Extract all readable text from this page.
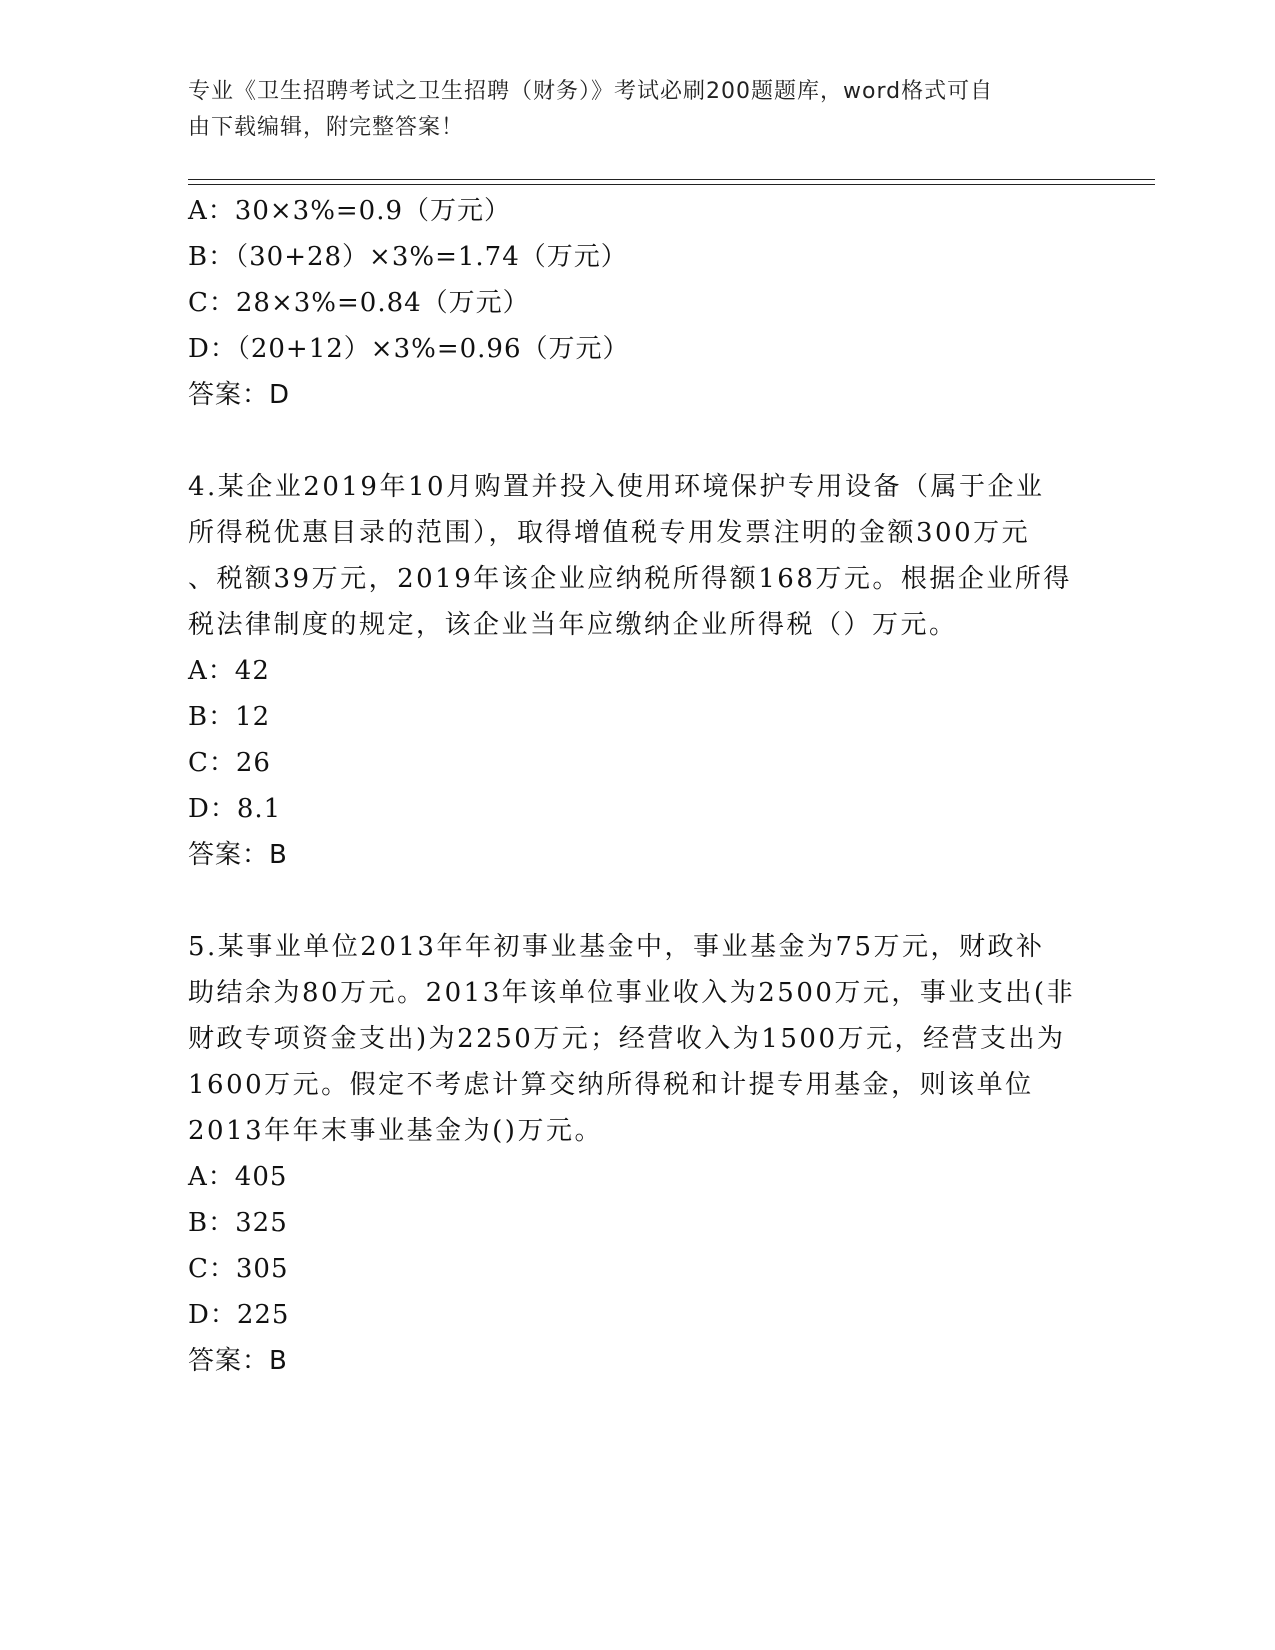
专业《卫生招聘考试之卫生招聘（财务）》考试必刷200题题库，word格式可自
由下载编辑，附完整答案！
A：30×3%=0.9（万元）
B：（30+28）×3%=1.74（万元）
C：28×3%=0.84（万元）
D：（20+12）×3%=0.96（万元）
答案：D
4.某企业2019年10月购置并投入使用环境保护专用设备（属于企业
所得税优惠目录的范围），取得增值税专用发票注明的金额300万元
、税额39万元，2019年该企业应纳税所得额168万元。根据企业所得
税法律制度的规定，该企业当年应缴纳企业所得税（）万元。
A：42
B：12
C：26
D：8.1
答案：B
5.某事业单位2013年年初事业基金中，事业基金为75万元，财政补
助结余为80万元。2013年该单位事业收入为2500万元，事业支出(非
财政专项资金支出)为2250万元；经营收入为1500万元，经营支出为
1600万元。假定不考虑计算交纳所得税和计提专用基金，则该单位
2013年年末事业基金为()万元。
A：405
B：325
C：305
D：225
答案：B
